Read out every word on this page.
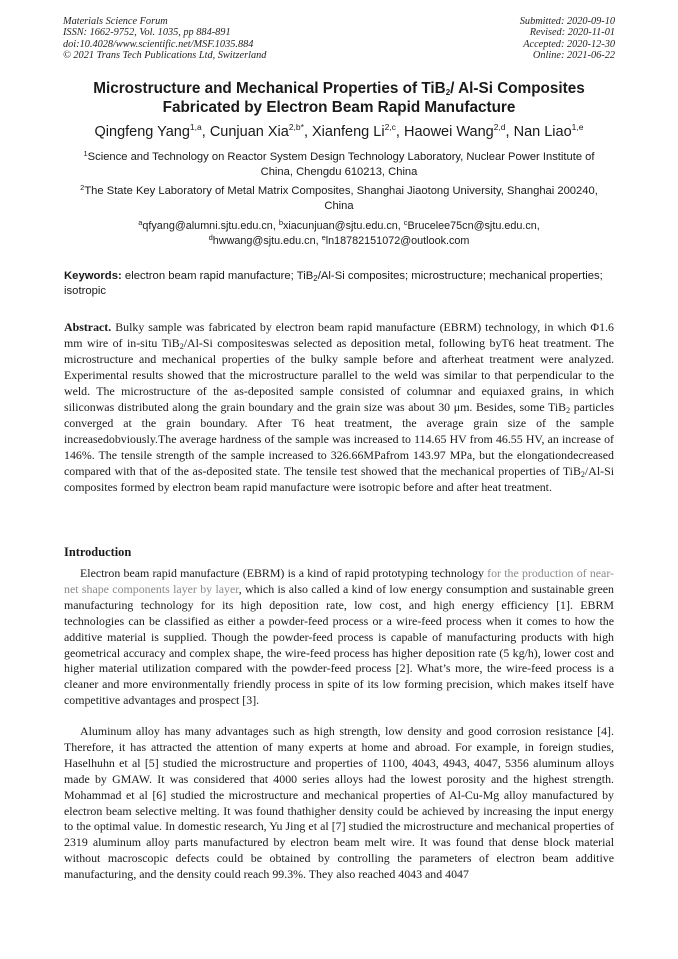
Materials Science Forum
ISSN: 1662-9752, Vol. 1035, pp 884-891
doi:10.4028/www.scientific.net/MSF.1035.884
© 2021 Trans Tech Publications Ltd, Switzerland
Submitted: 2020-09-10
Revised: 2020-11-01
Accepted: 2020-12-30
Online: 2021-06-22
Microstructure and Mechanical Properties of TiB$_2$/ Al-Si Composites
Fabricated by Electron Beam Rapid Manufacture
Qingfeng Yang$^{1,a}$, Cunjuan Xia$^{2,b*}$, Xianfeng Li$^{2,c}$, Haowei Wang$^{2,d}$, Nan Liao$^{1,e}$
$^1$Science and Technology on Reactor System Design Technology Laboratory, Nuclear Power Institute of China, Chengdu 610213, China
$^2$The State Key Laboratory of Metal Matrix Composites, Shanghai Jiaotong University, Shanghai 200240, China
$^a$qfyang@alumni.sjtu.edu.cn, $^b$xiacunjuan@sjtu.edu.cn, $^c$Brucelee75cn@sjtu.edu.cn,
$^d$hwwang@sjtu.edu.cn, $^e$ln18782151072@outlook.com
Keywords: electron beam rapid manufacture; TiB$_2$/Al-Si composites; microstructure; mechanical properties; isotropic
Abstract. Bulky sample was fabricated by electron beam rapid manufacture (EBRM) technology, in which Φ1.6 mm wire of in-situ TiB$_2$/Al-Si compositeswas selected as deposition metal, following byT6 heat treatment. The microstructure and mechanical properties of the bulky sample before and afterheat treatment were analyzed. Experimental results showed that the microstructure parallel to the weld was similar to that perpendicular to the weld. The microstructure of the as-deposited sample consisted of columnar and equiaxed grains, in which siliconwas distributed along the grain boundary and the grain size was about 30 μm. Besides, some TiB$_2$ particles converged at the grain boundary. After T6 heat treatment, the average grain size of the sample increasedobviously.The average hardness of the sample was increased to 114.65 HV from 46.55 HV, an increase of 146%. The tensile strength of the sample increased to 326.66MPafrom 143.97 MPa, but the elongationdecreased compared with that of the as-deposited state. The tensile test showed that the mechanical properties of TiB$_2$/Al-Si composites formed by electron beam rapid manufacture were isotropic before and after heat treatment.
Introduction
Electron beam rapid manufacture (EBRM) is a kind of rapid prototyping technology for the production of near-net shape components layer by layer, which is also called a kind of low energy consumption and sustainable green manufacturing technology for its high deposition rate, low cost, and high energy efficiency [1]. EBRM technologies can be classified as either a powder-feed process or a wire-feed process when it comes to how the additive material is supplied. Though the powder-feed process is capable of manufacturing products with high geometrical accuracy and complex shape, the wire-feed process has higher deposition rate (5 kg/h), lower cost and higher material utilization compared with the powder-feed process [2]. What’s more, the wire-feed process is a cleaner and more environmentally friendly process in spite of its low forming precision, which makes itself have competitive advantages and prospect [3].
Aluminum alloy has many advantages such as high strength, low density and good corrosion resistance [4]. Therefore, it has attracted the attention of many experts at home and abroad. For example, in foreign studies, Haselhuhn et al [5] studied the microstructure and properties of 1100, 4043, 4943, 4047, 5356 aluminum alloys made by GMAW. It was considered that 4000 series alloys had the lowest porosity and the highest strength. Mohammad et al [6] studied the microstructure and mechanical properties of Al-Cu-Mg alloy manufactured by electron beam selective melting. It was found thathigher density could be achieved by increasing the input energy to the optimal value. In domestic research, Yu Jing et al [7] studied the microstructure and mechanical properties of 2319 aluminum alloy parts manufactured by electron beam melt wire. It was found that dense block material without macroscopic defects could be obtained by controlling the parameters of electron beam additive manufacturing, and the density could reach 99.3%. They also reached 4043 and 4047
